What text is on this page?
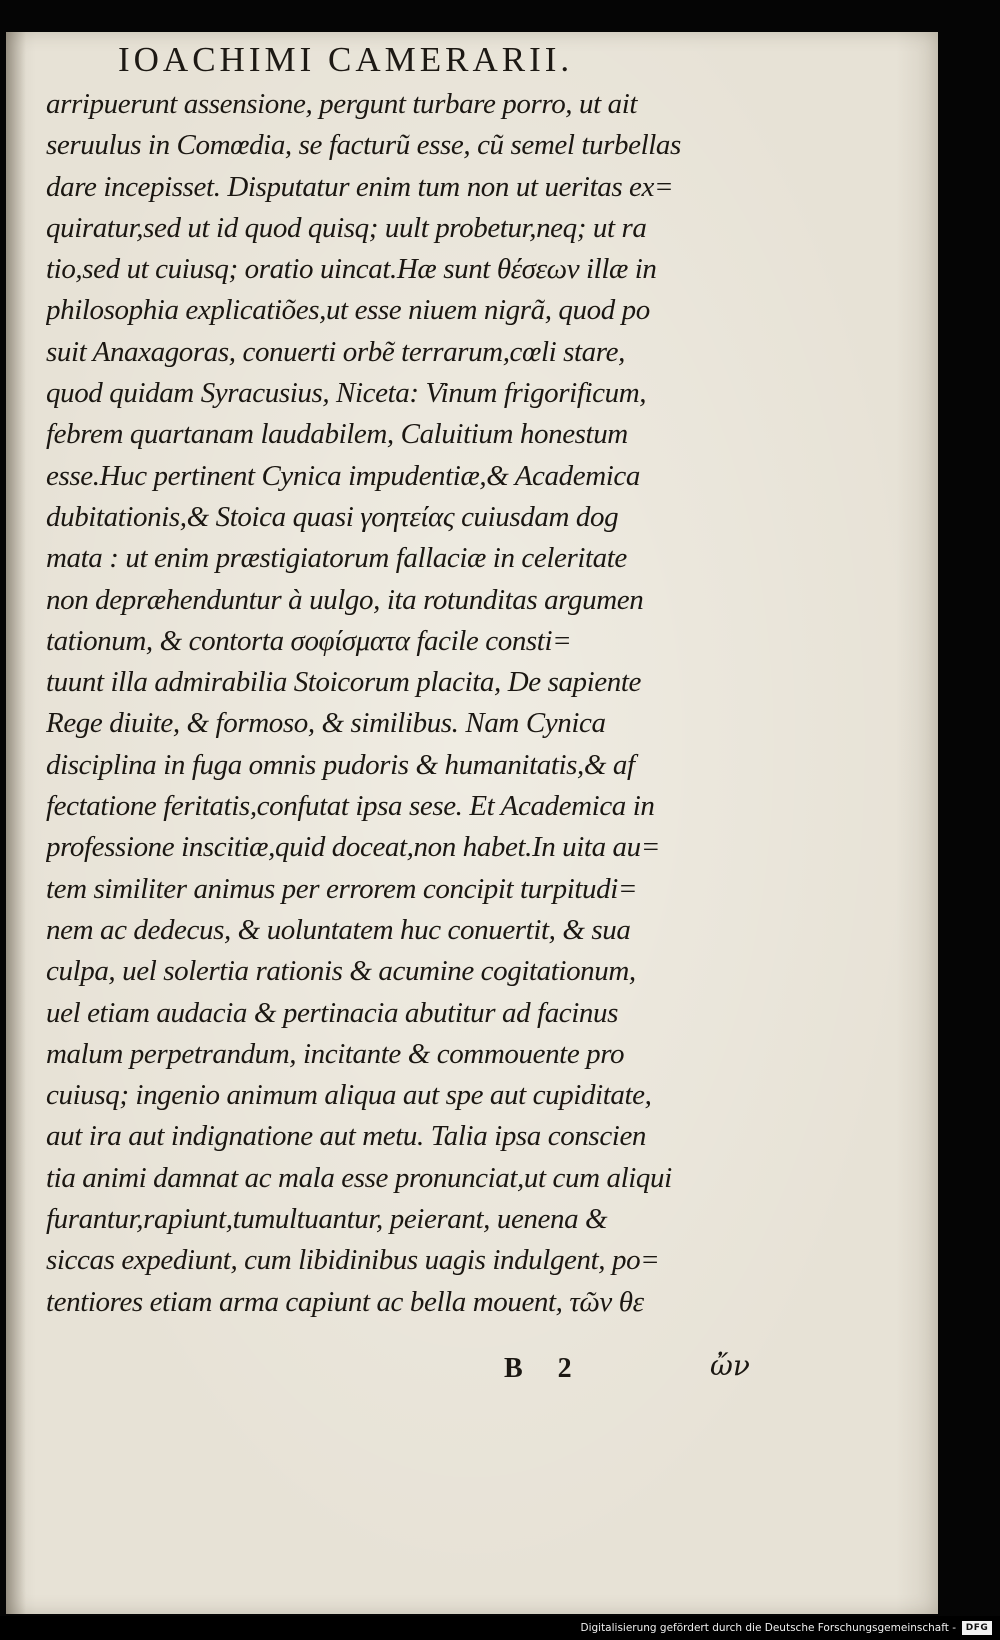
IOACHIMI CAMERARII.
arripuerunt assensione, pergunt turbare porro, ut ait
seruulus in Comœdia, se facturũ esse, cũ semel turbellas
dare incepisset. Disputatur enim tum non ut ueritas ex=
quiratur,sed ut id quod quisq; uult probetur,neq; ut ra
tio,sed ut cuiusq; oratio uincat.Hæ sunt θέσεων illæ in
philosophia explicatiões,ut esse niuem nigrã, quod po
suit Anaxagoras, conuerti orbẽ terrarum,cœli stare,
quod quidam Syracusius, Niceta: Vinum frigorificum,
febrem quartanam laudabilem, Caluitium honestum
esse.Huc pertinent Cynica impudentiæ,& Academica
dubitationis,& Stoica quasi γοητείας cuiusdam dog
mata : ut enim præstigiatorum fallaciæ in celeritate
non depræhenduntur à uulgo, ita rotunditas argumen
tationum, & contorta σοφίσματα facile consti=
tuunt illa admirabilia Stoicorum placita, De sapiente
Rege diuite, & formoso, & similibus. Nam Cynica
disciplina in fuga omnis pudoris & humanitatis,& af
fectatione feritatis,confutat ipsa sese. Et Academica in
professione inscitiæ,quid doceat,non habet.In uita au=
tem similiter animus per errorem concipit turpitudi=
nem ac dedecus, & uoluntatem huc conuertit, & sua
culpa, uel solertia rationis & acumine cogitationum,
uel etiam audacia & pertinacia abutitur ad facinus
malum perpetrandum, incitante & commouente pro
cuiusq; ingenio animum aliqua aut spe aut cupiditate,
aut ira aut indignatione aut metu. Talia ipsa conscien
tia animi damnat ac mala esse pronunciat,ut cum aliqui
furantur,rapiunt,tumultuantur, peierant, uenena &
siccas expediunt, cum libidinibus uagis indulgent, po=
tentiores etiam arma capiunt ac bella mouent, τῶν θε
B 2	ὤν
Digitalisierung gefördert durch die Deutsche Forschungsgemeinschaft -	DFG
